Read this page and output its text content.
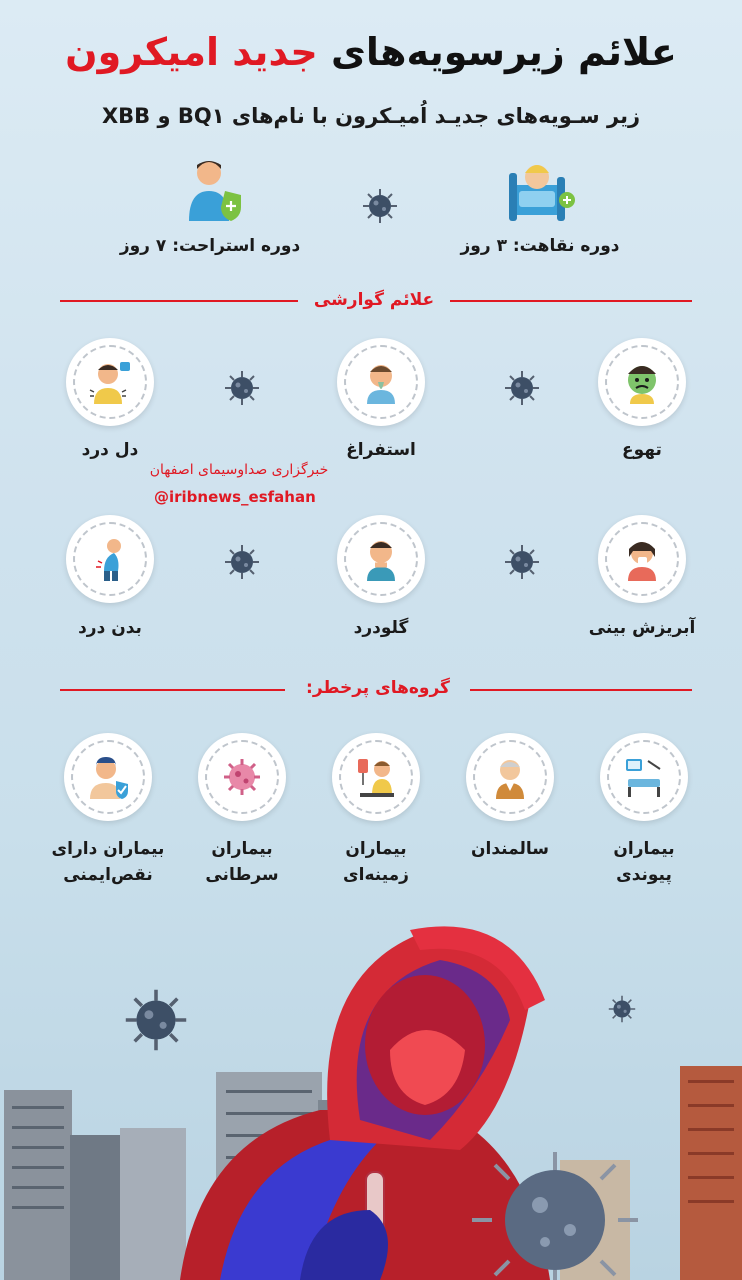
علائم زیرسویه‌های جدید امیکرون
زیر سـویه‌های جدیـد اُمیـکرون با نام‌های BQ۱ و XBB
دوره نقاهت: ۳ روز
دوره استراحت: ۷ روز
علائم گوارشی
تهوع
استفراغ
دل درد
خبرگزاری صداوسیمای اصفهان
@iribnews_esfahan
آبریزش بینی
گلودرد
بدن درد
گروه‌های پرخطر:
بیماران
پیوندی
سالمندان
بیماران
زمینه‌ای
بیماران
سرطانی
بیماران دارای
نقص‌ایمنی
